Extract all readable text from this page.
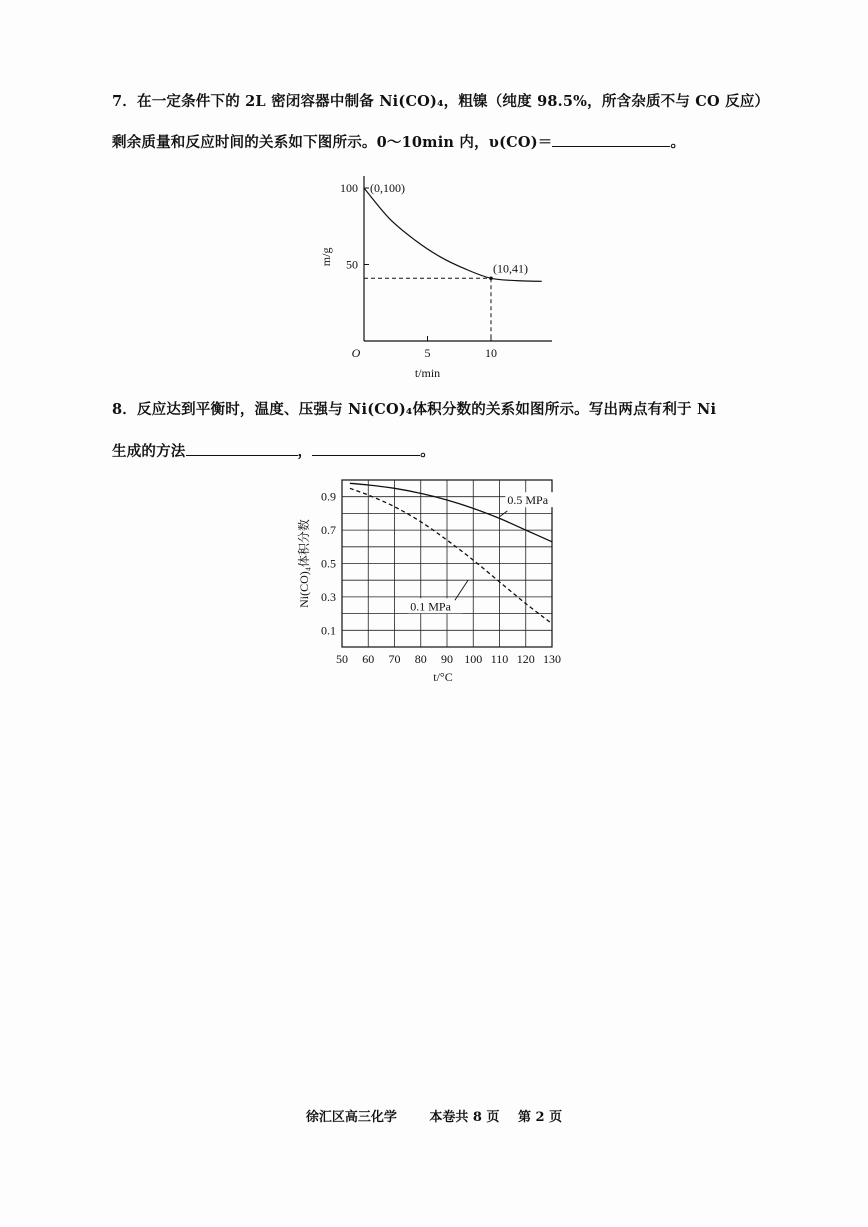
7．在一定条件下的 2L 密闭容器中制备 Ni(CO)₄，粗镍（纯度 98.5%，所含杂质不与 CO 反应）
剩余质量和反应时间的关系如下图所示。0～10min 内，υ(CO)＝	。
50
100
5	10
O
t/min
m/g
(0,100)
(10,41)
8．反应达到平衡时，温度、压强与 Ni(CO)₄体积分数的关系如图所示。写出两点有利于 Ni
生成的方法	，	。
0.1
0.3
0.5
0.7
0.9
50 60 70 80 90 100 110 120 130
t/°C
Ni(CO)₄体积分数
0.5 MPa
0.1 MPa
徐汇区高三化学	本卷共 8 页 第 2 页
